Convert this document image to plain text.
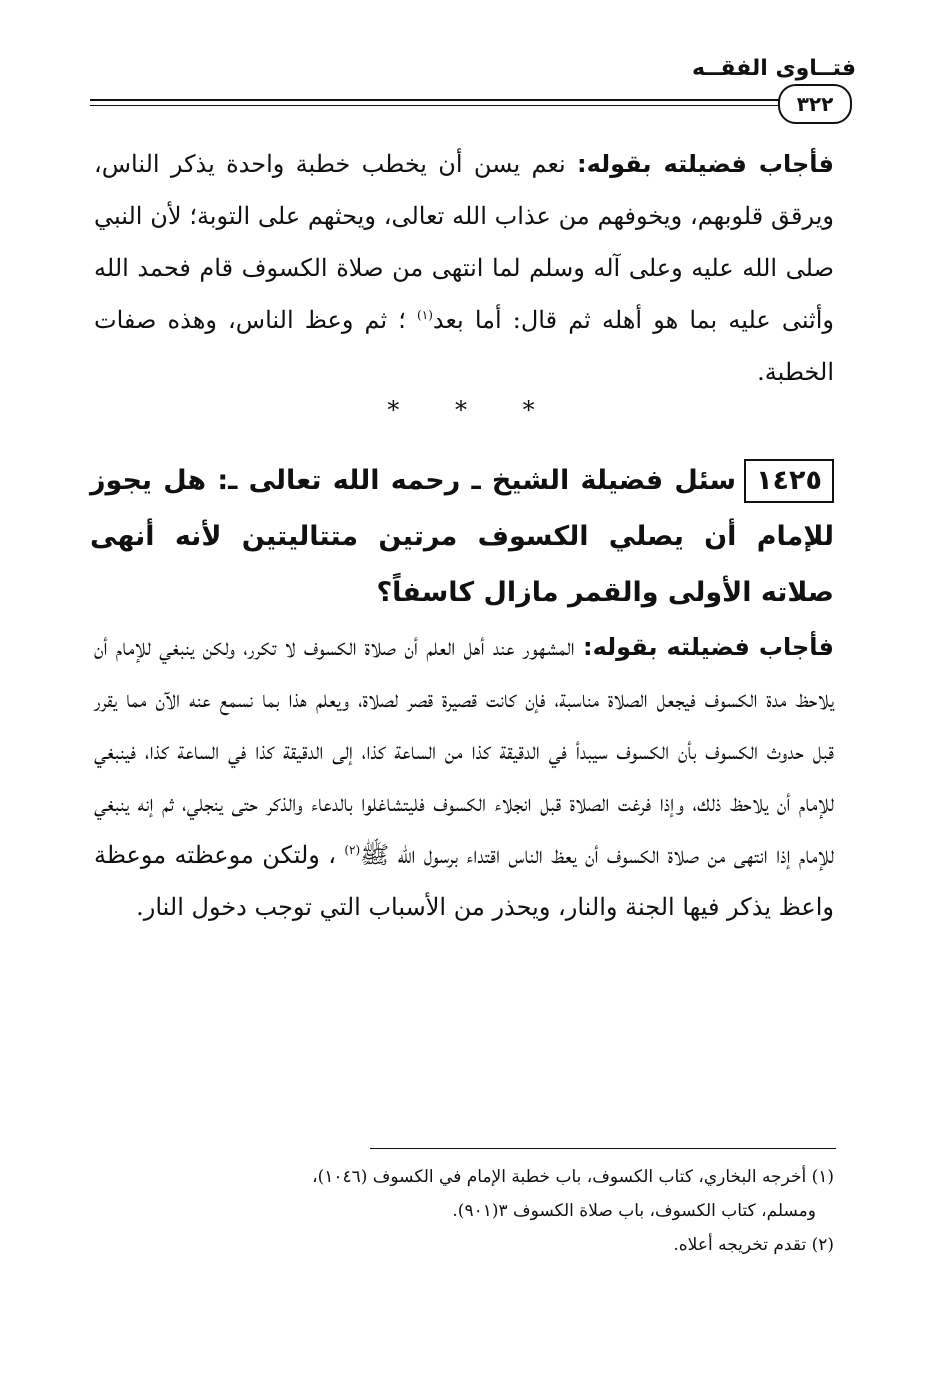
فتــاوى الفقــه
٣٢٢
فأجاب فضيلته بقوله: نعم يسن أن يخطب خطبة واحدة يذكر الناس، ويرقق قلوبهم، ويخوفهم من عذاب الله تعالى، ويحثهم على التوبة؛ لأن النبي صلى الله عليه وعلى آله وسلم لما انتهى من صلاة الكسوف قام فحمد الله وأثنى عليه بما هو أهله ثم قال: أما بعد$^{(١)}$ ؛ ثم وعظ الناس، وهذه صفات الخطبة.
* * *
١٤٢٥سئل فضيلة الشيخ ـ رحمه الله تعالى ـ: هل يجوز للإمام أن يصلي الكسوف مرتين متتاليتين لأنه أنهى صلاته الأولى والقمر مازال كاسفاً؟
فأجاب فضيلته بقوله: المشهور عند أهل العلم أن صلاة الكسوف لا تكرر، ولكن ينبغي للإمام أن يلاحظ مدة الكسوف فيجعل الصلاة مناسبة، فإن كانت قصيرة قصر لصلاة، ويعلم هذا بما نسمع عنه الآن مما يقرر قبل حدوث الكسوف بأن الكسوف سيبدأ في الدقيقة كذا من الساعة كذا، إلى الدقيقة كذا في الساعة كذا، فينبغي للإمام أن يلاحظ ذلك، وإذا فرغت الصلاة قبل انجلاء الكسوف فليتشاغلوا بالدعاء والذكر حتى ينجلي، ثم إنه ينبغي للإمام إذا انتهى من صلاة الكسوف أن يعظ الناس اقتداء برسول الله ﷺ$^{(٢)}$ ، ولتكن موعظته موعظة واعظ يذكر فيها الجنة والنار، ويحذر من الأسباب التي توجب دخول النار.
(١) أخرجه البخاري، كتاب الكسوف، باب خطبة الإمام في الكسوف (١٠٤٦)،
ومسلم، كتاب الكسوف، باب صلاة الكسوف ٣(٩٠١).
(٢) تقدم تخريجه أعلاه.
